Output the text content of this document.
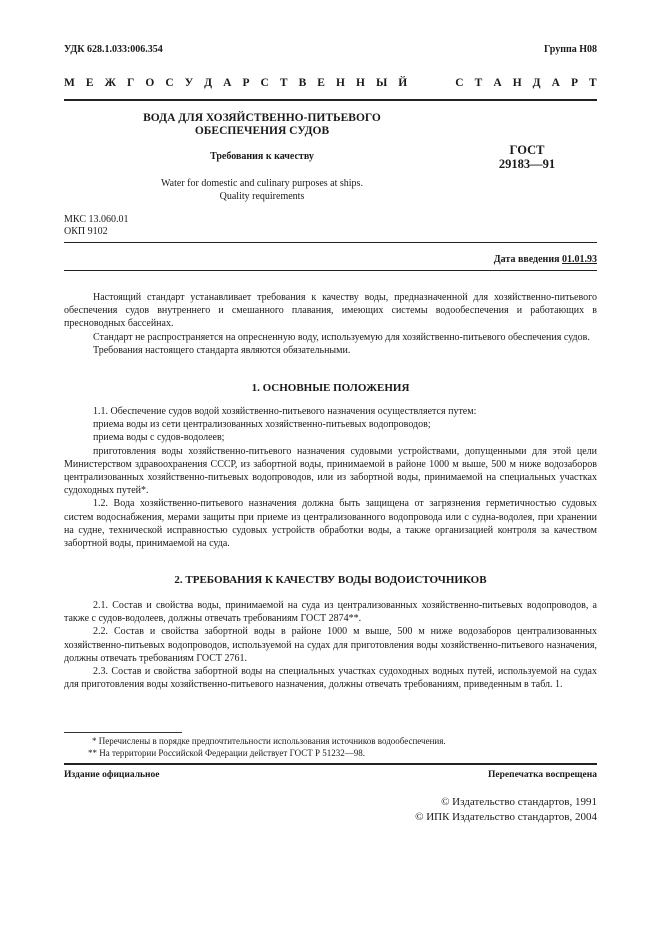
УДК 628.1.033:006.354	Группа Н08
М Е Ж Г О С У Д А Р С Т В Е Н Н Ы Й	С Т А Н Д А Р Т
ВОДА ДЛЯ ХОЗЯЙСТВЕННО-ПИТЬЕВОГО
ОБЕСПЕЧЕНИЯ СУДОВ
Требования к качеству
Water for domestic and culinary purposes at ships.
Quality requirements
ГОСТ
29183—91
МКС 13.060.01
ОКП 9102
Дата введения 01.01.93

Настоящий стандарт устанавливает требования к качеству воды, предназначенной для хозяйственно-питьевого обеспечения судов внутреннего и смешанного плавания, имеющих системы водообеспечения и работающих в пресноводных бассейнах.

Стандарт не распространяется на опресненную воду, используемую для хозяйственно-питьевого обеспечения судов.

Требования настоящего стандарта являются обязательными.

1. ОСНОВНЫЕ ПОЛОЖЕНИЯ

1.1. Обеспечение судов водой хозяйственно-питьевого назначения осуществляется путем:

приема воды из сети централизованных хозяйственно-питьевых водопроводов;

приема воды с судов-водолеев;

приготовления воды хозяйственно-питьевого назначения судовыми устройствами, допущенными для этой цели Министерством здравоохранения СССР, из забортной воды, принимаемой в районе 1000 м выше, 500 м ниже водозаборов централизованных хозяйственно-питьевых водопроводов, или из забортной воды, принимаемой на специальных участках судоходных путей*.

1.2. Вода хозяйственно-питьевого назначения должна быть защищена от загрязнения герметичностью судовых систем водоснабжения, мерами защиты при приеме из централизованного водопровода или с судна-водолея, при хранении на судне, технической исправностью судовых устройств обработки воды, а также организацией контроля за качеством забортной воды, принимаемой на суда.

2. ТРЕБОВАНИЯ К КАЧЕСТВУ ВОДЫ ВОДОИСТОЧНИКОВ

2.1. Состав и свойства воды, принимаемой на суда из централизованных хозяйственно-питьевых водопроводов, а также с судов-водолеев, должны отвечать требованиям ГОСТ 2874**.

2.2. Состав и свойства забортной воды в районе 1000 м выше, 500 м ниже водозаборов централизованных хозяйственно-питьевых водопроводов, используемой на судах для приготовления воды хозяйственно-питьевого назначения, должны отвечать требованиям ГОСТ 2761.

2.3. Состав и свойства забортной воды на специальных участках судоходных водных путей, используемой на судах для приготовления воды хозяйственно-питьевого назначения, должны отвечать требованиям, приведенным в табл. 1.

* Перечислены в порядке предпочтительности использования источников водообеспечения.
** На территории Российской Федерации действует ГОСТ Р 51232—98.
Издание официальное	Перепечатка воспрещена
© Издательство стандартов, 1991
© ИПК Издательство стандартов, 2004
